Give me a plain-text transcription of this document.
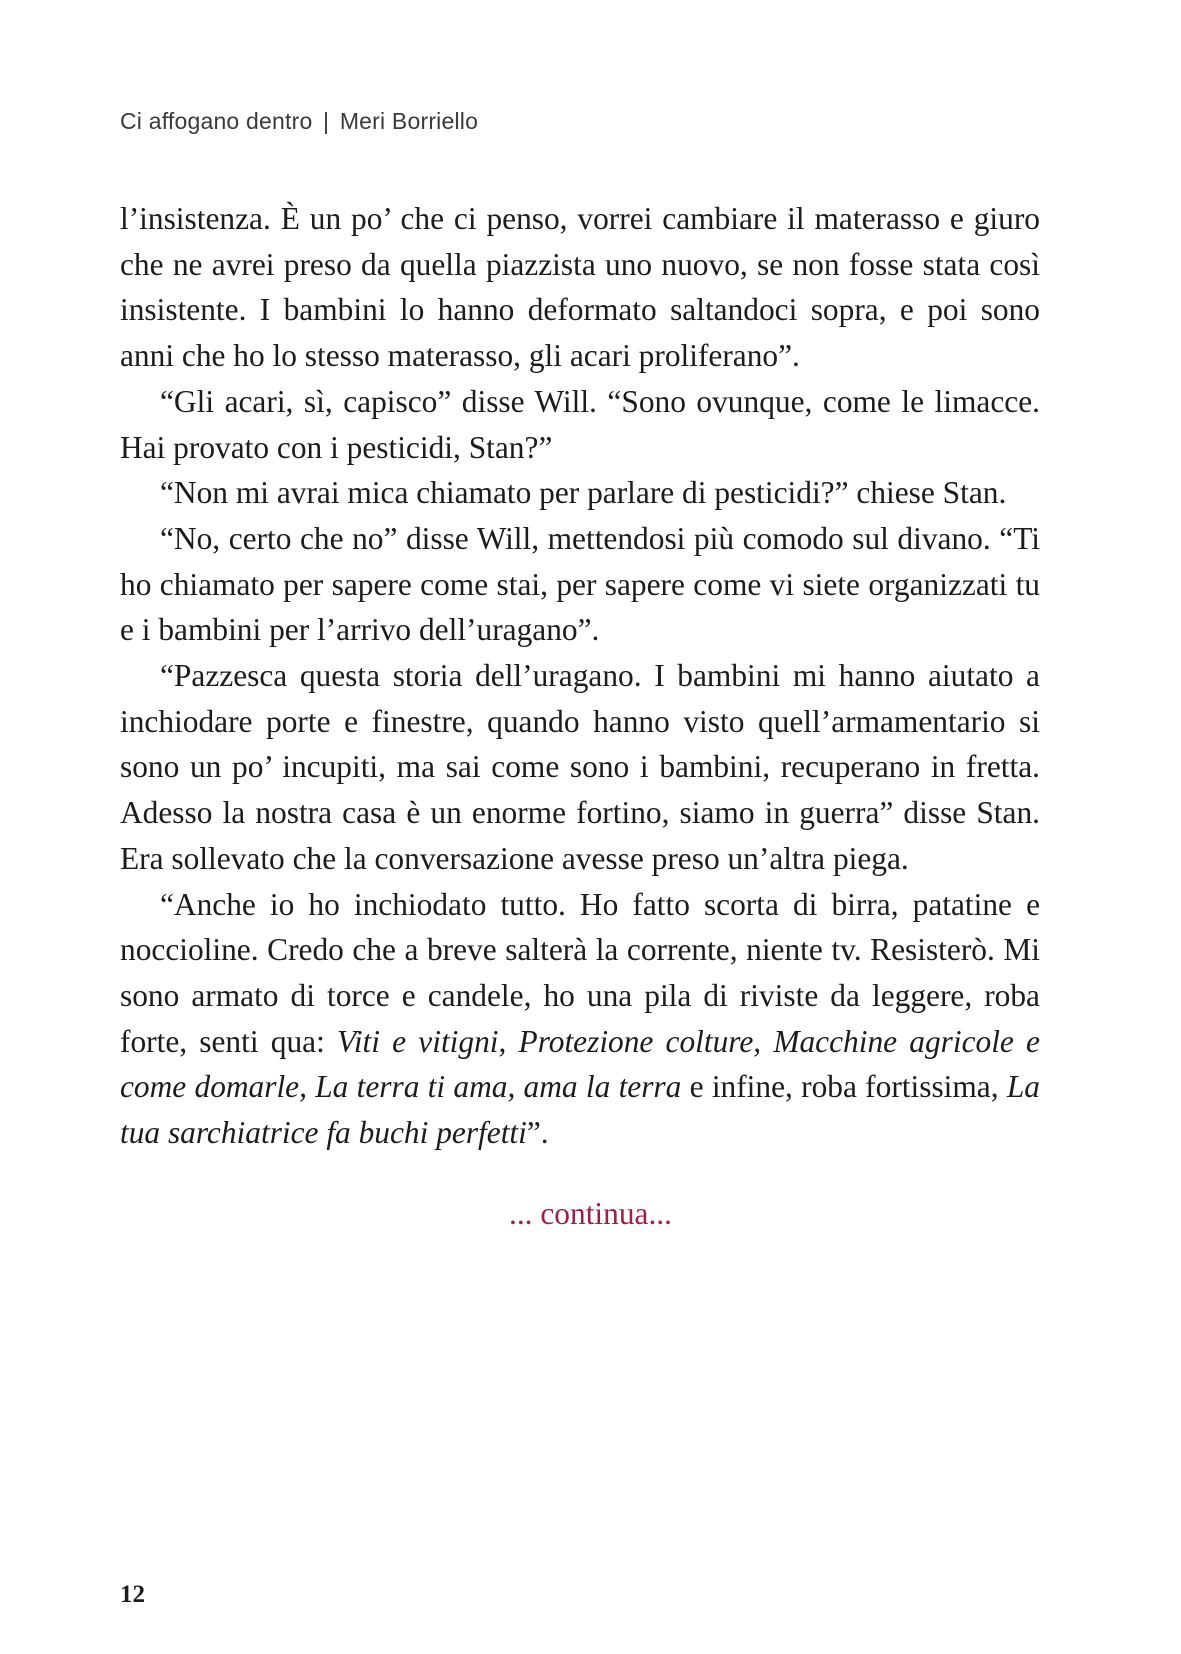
Ci affogano dentro | Meri Borriello

l’insistenza. È un po’ che ci penso, vorrei cambiare il materasso e giuro che ne avrei preso da quella piazzista uno nuovo, se non fosse stata così insistente. I bambini lo hanno deformato saltandoci sopra, e poi sono anni che ho lo stesso materasso, gli acari proliferano”.

“Gli acari, sì, capisco” disse Will. “Sono ovunque, come le limacce. Hai provato con i pesticidi, Stan?”

“Non mi avrai mica chiamato per parlare di pesticidi?” chiese Stan.

“No, certo che no” disse Will, mettendosi più comodo sul divano. “Ti ho chiamato per sapere come stai, per sapere come vi siete organizzati tu e i bambini per l’arrivo dell’uragano”.

“Pazzesca questa storia dell’uragano. I bambini mi hanno aiutato a inchiodare porte e finestre, quando hanno visto quell’armamentario si sono un po’ incupiti, ma sai come sono i bambini, recuperano in fretta. Adesso la nostra casa è un enorme fortino, siamo in guerra” disse Stan. Era sollevato che la conversazione avesse preso un’altra piega.

“Anche io ho inchiodato tutto. Ho fatto scorta di birra, patatine e noccioline. Credo che a breve salterà la corrente, niente tv. Resisterò. Mi sono armato di torce e candele, ho una pila di riviste da leggere, roba forte, senti qua: Viti e vitigni, Protezione colture, Macchine agricole e come domarle, La terra ti ama, ama la terra e infine, roba fortissima, La tua sarchiatrice fa buchi perfetti”.

... continua...
12
